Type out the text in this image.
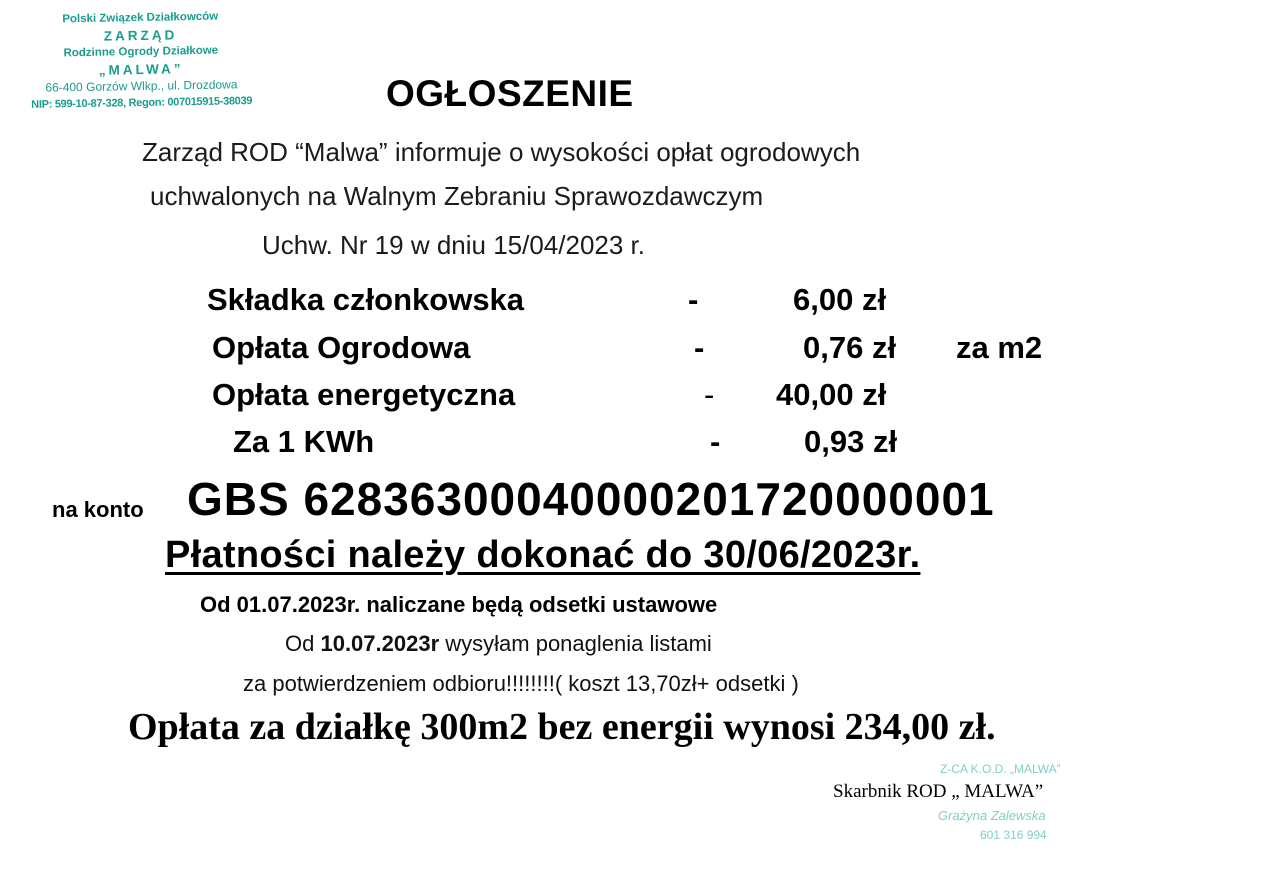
Polski Związek Działkowców
ZARZĄD
Rodzinne Ogrody Działkowe
„MALWA”
66-400 Gorzów Wlkp., ul. Drozdowa
NIP: 599-10-87-328, Regon: 007015915-38039	OGŁOSZENIE
Zarząd ROD “Malwa” informuje o wysokości opłat ogrodowych
uchwalonych na Walnym Zebraniu Sprawozdawczym
Uchw. Nr 19 w dniu 15/04/2023 r.
Składka członkowska	-	6,00 zł
Opłata Ogrodowa	-	0,76 zł za m2
Opłata energetyczna	- 40,00 zł
Za 1 KWh	-	0,93 zł
na konto GBS 62836300040000201720000001
Płatności należy dokonać do 30/06/2023r.
Od 01.07.2023r. naliczane będą odsetki ustawowe
Od 10.07.2023r wysyłam ponaglenia listami
za potwierdzeniem odbioru!!!!!!!!( koszt 13,70zł+ odsetki )
Opłata za działkę 300m2 bez energii wynosi 234,00 zł.
Z-CA K.O.D. „MALWA”
Grażyna Zalewska
601 316 994
Skarbnik ROD „ MALWA”
